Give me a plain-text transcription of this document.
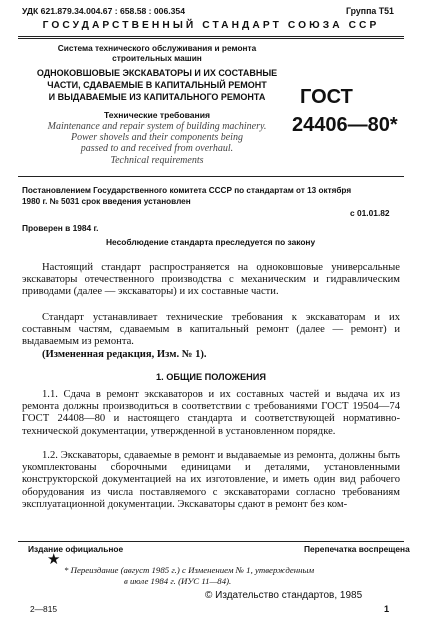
УДК 621.879.34.004.67 : 658.58 : 006.354	Группа Т51
ГОСУДАРСТВЕННЫЙ СТАНДАРТ СОЮЗА ССР
Система технического обслуживания и ремонта строительных машин
ОДНОКОВШОВЫЕ ЭКСКАВАТОРЫ И ИХ СОСТАВНЫЕ
ЧАСТИ, СДАВАЕМЫЕ В КАПИТАЛЬНЫЙ РЕМОНТ
И ВЫДАВАЕМЫЕ ИЗ КАПИТАЛЬНОГО РЕМОНТА
Технические требования
Maintenance and repair system of building machinery.
Power shovels and their components being
passed to and received from overhaul.
Technical requirements
ГОСТ
24406—80*
Постановлением Государственного комитета СССР по стандартам от 13 октября
1980 г. № 5031 срок введения установлен
с 01.01.82
Проверен в 1984 г.
Несоблюдение стандарта преследуется по закону
Настоящий стандарт распространяется на одноковшовые универсальные экскаваторы отечественного производства с механическим и гидравлическим приводами (далее — экскаваторы) и их составные части.
Стандарт устанавливает технические требования к экскаваторам и их составным частям, сдаваемым в капитальный ремонт (далее — ремонт) и выдаваемым из ремонта.
(Измененная редакция, Изм. № 1).
1. ОБЩИЕ ПОЛОЖЕНИЯ
1.1. Сдача в ремонт экскаваторов и их составных частей и выдача их из ремонта должны производиться в соответствии с требованиями ГОСТ 19504—74 ГОСТ 24408—80 и настоящего стандарта и соответствующей нормативно-технической документации, утвержденной в установленном порядке.
1.2. Экскаваторы, сдаваемые в ремонт и выдаваемые из ремонта, должны быть укомплектованы сборочными единицами и деталями, установленными конструкторской документацией на их изготовление, и иметь один вид рабочего оборудования из числа поставляемого с экскаваторами согласно требованиям эксплуатационной документации. Экскаваторы сдают в ремонт без ком-
Издание официальное	Перепечатка воспрещена
★
* Переиздание (август 1985 г.) с Изменением № 1, утвержденным
в июле 1984 г. (ИУС 11—84).
© Издательство стандартов, 1985
2—815	1
